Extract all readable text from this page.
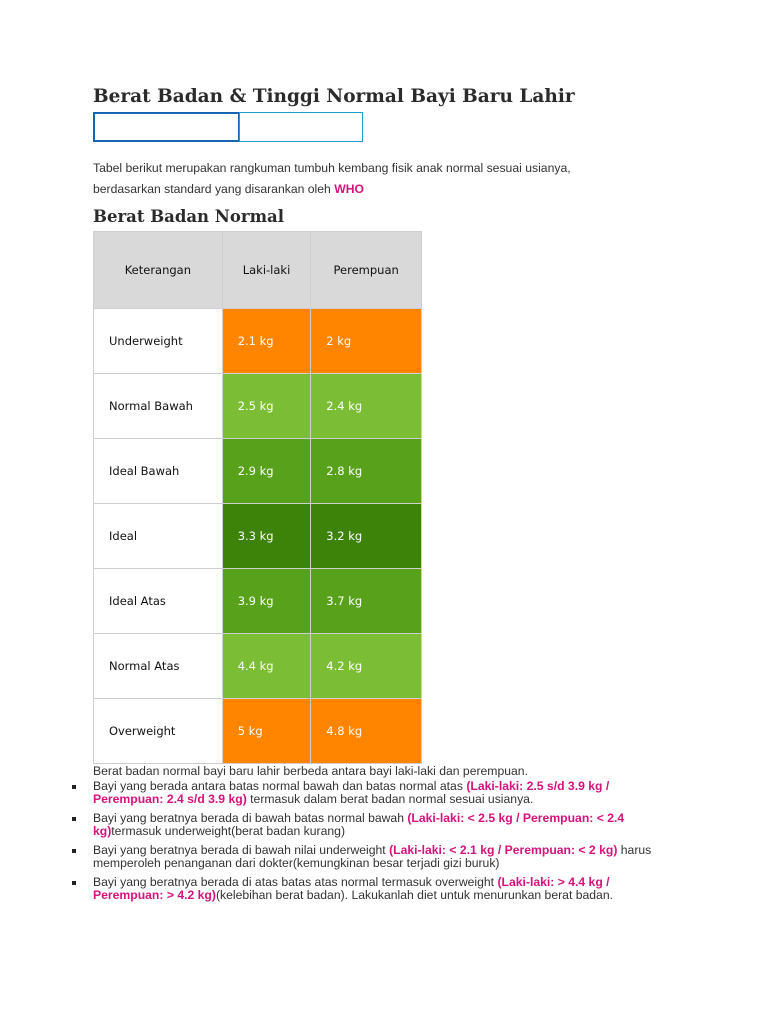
Berat Badan & Tinggi Normal Bayi Baru Lahir

Tabel berikut merupakan rangkuman tumbuh kembang fisik anak normal sesuai usianya,
berdasarkan standard yang disarankan oleh WHO

Berat Badan Normal
Keterangan	Laki-laki	Perempuan
Underweight	2.1 kg	2 kg
Normal Bawah	2.5 kg	2.4 kg
Ideal Bawah	2.9 kg	2.8 kg
Ideal	3.3 kg	3.2 kg
Ideal Atas	3.9 kg	3.7 kg
Normal Atas	4.4 kg	4.2 kg
Overweight	5 kg	4.8 kg

Berat badan normal bayi baru lahir berbeda antara bayi laki-laki dan perempuan.

Bayi yang berada antara batas normal bawah dan batas normal atas (Laki-laki: 2.5 s/d 3.9 kg / Perempuan: 2.4 s/d 3.9 kg) termasuk dalam berat badan normal sesuai usianya.
Bayi yang beratnya berada di bawah batas normal bawah (Laki-laki: < 2.5 kg / Perempuan: < 2.4 kg)termasuk underweight(berat badan kurang)
Bayi yang beratnya berada di bawah nilai underweight (Laki-laki: < 2.1 kg / Perempuan: < 2 kg) harus memperoleh penanganan dari dokter(kemungkinan besar terjadi gizi buruk)
Bayi yang beratnya berada di atas batas atas normal termasuk overweight (Laki-laki: > 4.4 kg / Perempuan: > 4.2 kg)(kelebihan berat badan). Lakukanlah diet untuk menurunkan berat badan.
